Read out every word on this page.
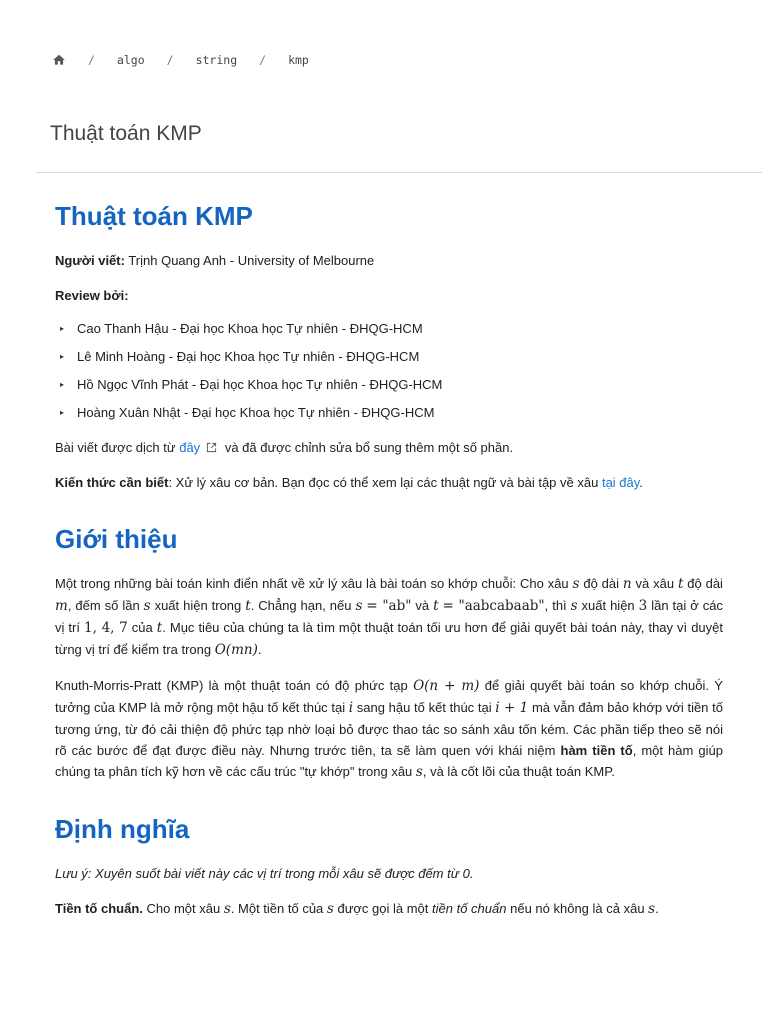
/ algo / string / kmp
Thuật toán KMP
Thuật toán KMP

Người viết: Trịnh Quang Anh - University of Melbourne

Review bởi:

▸ Cao Thanh Hậu - Đại học Khoa học Tự nhiên - ĐHQG-HCM
▸ Lê Minh Hoàng - Đại học Khoa học Tự nhiên - ĐHQG-HCM
▸ Hồ Ngọc Vĩnh Phát - Đại học Khoa học Tự nhiên - ĐHQG-HCM
▸ Hoàng Xuân Nhật - Đại học Khoa học Tự nhiên - ĐHQG-HCM

Bài viết được dịch từ đây và đã được chỉnh sửa bổ sung thêm một số phần.

Kiến thức cần biết: Xử lý xâu cơ bản. Bạn đọc có thể xem lại các thuật ngữ và bài tập về xâu tại đây.

Giới thiệu

Một trong những bài toán kinh điển nhất về xử lý xâu là bài toán so khớp chuỗi: Cho xâu s độ dài n và xâu t độ dài m, đếm số lần s xuất hiện trong t. Chẳng hạn, nếu s = "ab" và t = "aabcabaab", thì s xuất hiện 3 lần tại ở các vị trí 1, 4, 7 của t. Mục tiêu của chúng ta là tìm một thuật toán tối ưu hơn để giải quyết bài toán này, thay vì duyệt từng vị trí để kiểm tra trong O(mn).

Knuth-Morris-Pratt (KMP) là một thuật toán có độ phức tạp O(n + m) để giải quyết bài toán so khớp chuỗi. Ý tưởng của KMP là mở rộng một hậu tố kết thúc tại i sang hậu tố kết thúc tại i + 1 mà vẫn đảm bảo khớp với tiền tố tương ứng, từ đó cải thiện độ phức tạp nhờ loại bỏ được thao tác so sánh xâu tốn kém. Các phần tiếp theo sẽ nói rõ các bước để đạt được điều này. Nhưng trước tiên, ta sẽ làm quen với khái niệm hàm tiền tố, một hàm giúp chúng ta phân tích kỹ hơn về các cấu trúc "tự khớp" trong xâu s, và là cốt lõi của thuật toán KMP.

Định nghĩa

Lưu ý: Xuyên suốt bài viết này các vị trí trong mỗi xâu sẽ được đếm từ 0.

Tiền tố chuẩn. Cho một xâu s. Một tiền tố của s được gọi là một tiền tố chuẩn nếu nó không là cả xâu s.
